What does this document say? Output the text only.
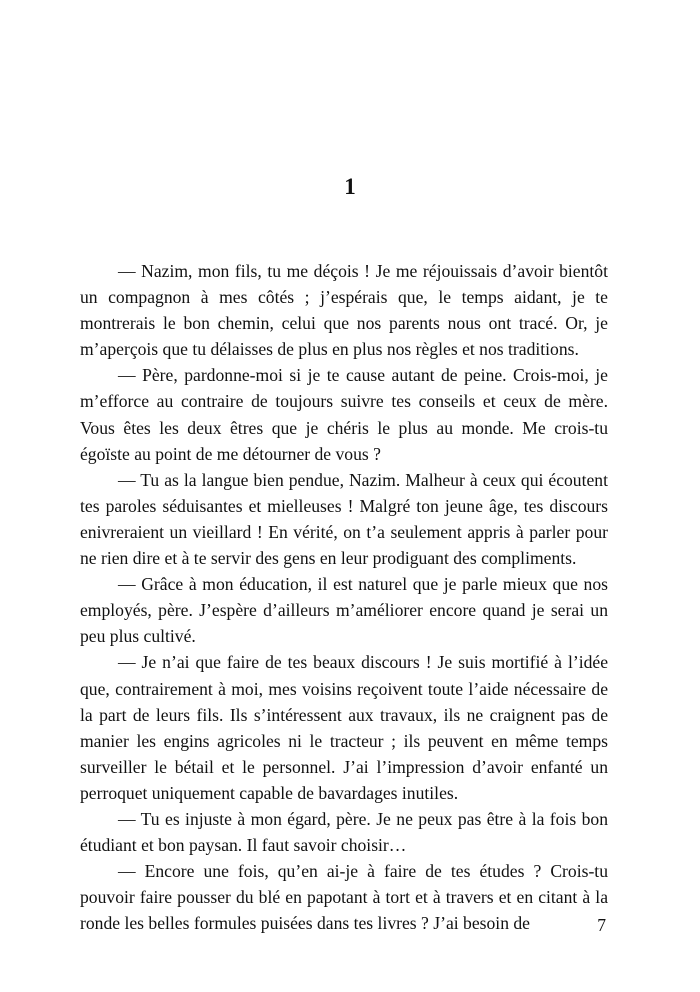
1

— Nazim, mon fils, tu me déçois ! Je me réjouissais d’avoir bientôt un compagnon à mes côtés ; j’espérais que, le temps aidant, je te montrerais le bon chemin, celui que nos parents nous ont tracé. Or, je m’aperçois que tu délaisses de plus en plus nos règles et nos traditions.

— Père, pardonne-moi si je te cause autant de peine. Crois-moi, je m’efforce au contraire de toujours suivre tes conseils et ceux de mère. Vous êtes les deux êtres que je chéris le plus au monde. Me crois-tu égoïste au point de me détourner de vous ?

— Tu as la langue bien pendue, Nazim. Malheur à ceux qui écoutent tes paroles séduisantes et mielleuses ! Malgré ton jeune âge, tes discours enivreraient un vieillard ! En vérité, on t’a seulement appris à parler pour ne rien dire et à te servir des gens en leur prodiguant des compliments.

— Grâce à mon éducation, il est naturel que je parle mieux que nos employés, père. J’espère d’ailleurs m’améliorer encore quand je serai un peu plus cultivé.

— Je n’ai que faire de tes beaux discours ! Je suis mortifié à l’idée que, contrairement à moi, mes voisins reçoivent toute l’aide nécessaire de la part de leurs fils. Ils s’intéressent aux travaux, ils ne craignent pas de manier les engins agricoles ni le tracteur ; ils peuvent en même temps surveiller le bétail et le personnel. J’ai l’impression d’avoir enfanté un perroquet uniquement capable de bavardages inutiles.

— Tu es injuste à mon égard, père. Je ne peux pas être à la fois bon étudiant et bon paysan. Il faut savoir choisir…

— Encore une fois, qu’en ai-je à faire de tes études ? Crois-tu pouvoir faire pousser du blé en papotant à tort et à travers et en citant à la ronde les belles formules puisées dans tes livres ? J’ai besoin de	7
